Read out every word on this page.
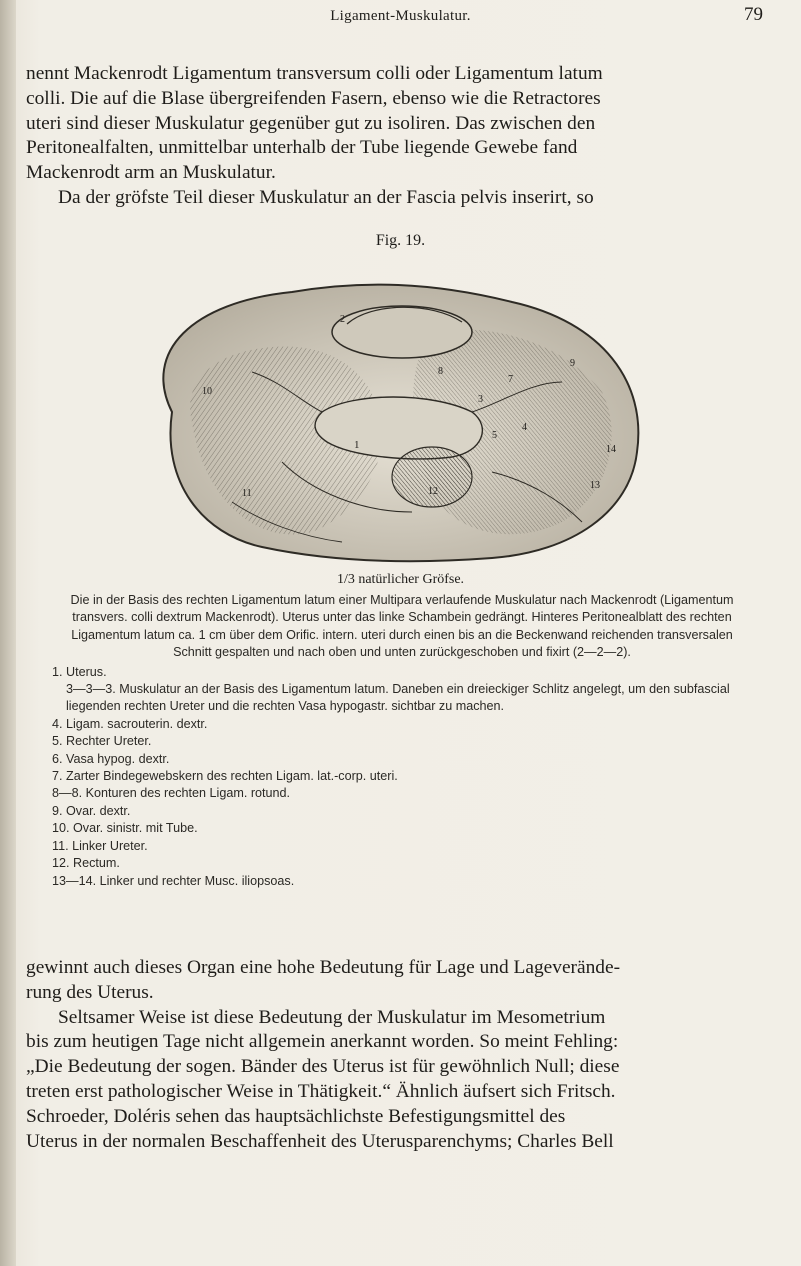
Ligament-Muskulatur.	79

nennt Mackenrodt Ligamentum transversum colli oder Ligamentum latum

colli. Die auf die Blase übergreifenden Fasern, ebenso wie die Retractores

uteri sind dieser Muskulatur gegenüber gut zu isoliren. Das zwischen den

Peritonealfalten, unmittelbar unterhalb der Tube liegende Gewebe fand

Mackenrodt arm an Muskulatur.

Da der gröfste Teil dieser Muskulatur an der Fascia pelvis inserirt, so

Fig. 19.
1
2
3
4
5
7
8
9
10
11	12
13
14
1/3 natürlicher Gröfse.

Die in der Basis des rechten Ligamentum latum einer Multipara verlaufende Muskulatur nach Mackenrodt (Ligamentum transvers. colli dextrum Mackenrodt). Uterus unter das linke Schambein gedrängt. Hinteres Peritonealblatt des rechten Ligamentum latum ca. 1 cm über dem Orific. intern. uteri durch einen bis an die Beckenwand reichenden transversalen Schnitt gespalten und nach oben und unten zurückgeschoben und fixirt (2—2—2).

1. Uterus.
3—3—3. Muskulatur an der Basis des Ligamentum latum. Daneben ein dreieckiger Schlitz angelegt, um den subfascial liegenden rechten Ureter und die rechten Vasa hypogastr. sichtbar zu machen.
4. Ligam. sacrouterin. dextr.
5. Rechter Ureter.
6. Vasa hypog. dextr.
7. Zarter Bindegewebskern des rechten Ligam. lat.-corp. uteri.
8—8. Konturen des rechten Ligam. rotund.
9. Ovar. dextr.
10. Ovar. sinistr. mit Tube.
11. Linker Ureter.
12. Rectum.
13—14. Linker und rechter Musc. iliopsoas.

gewinnt auch dieses Organ eine hohe Bedeutung für Lage und Lageverände-

rung des Uterus.

Seltsamer Weise ist diese Bedeutung der Muskulatur im Mesometrium

bis zum heutigen Tage nicht allgemein anerkannt worden. So meint Fehling:

„Die Bedeutung der sogen. Bänder des Uterus ist für gewöhnlich Null; diese

treten erst pathologischer Weise in Thätigkeit.“ Ähnlich äufsert sich Fritsch.

Schroeder, Doléris sehen das hauptsächlichste Befestigungsmittel des

Uterus in der normalen Beschaffenheit des Uterusparenchyms; Charles Bell
